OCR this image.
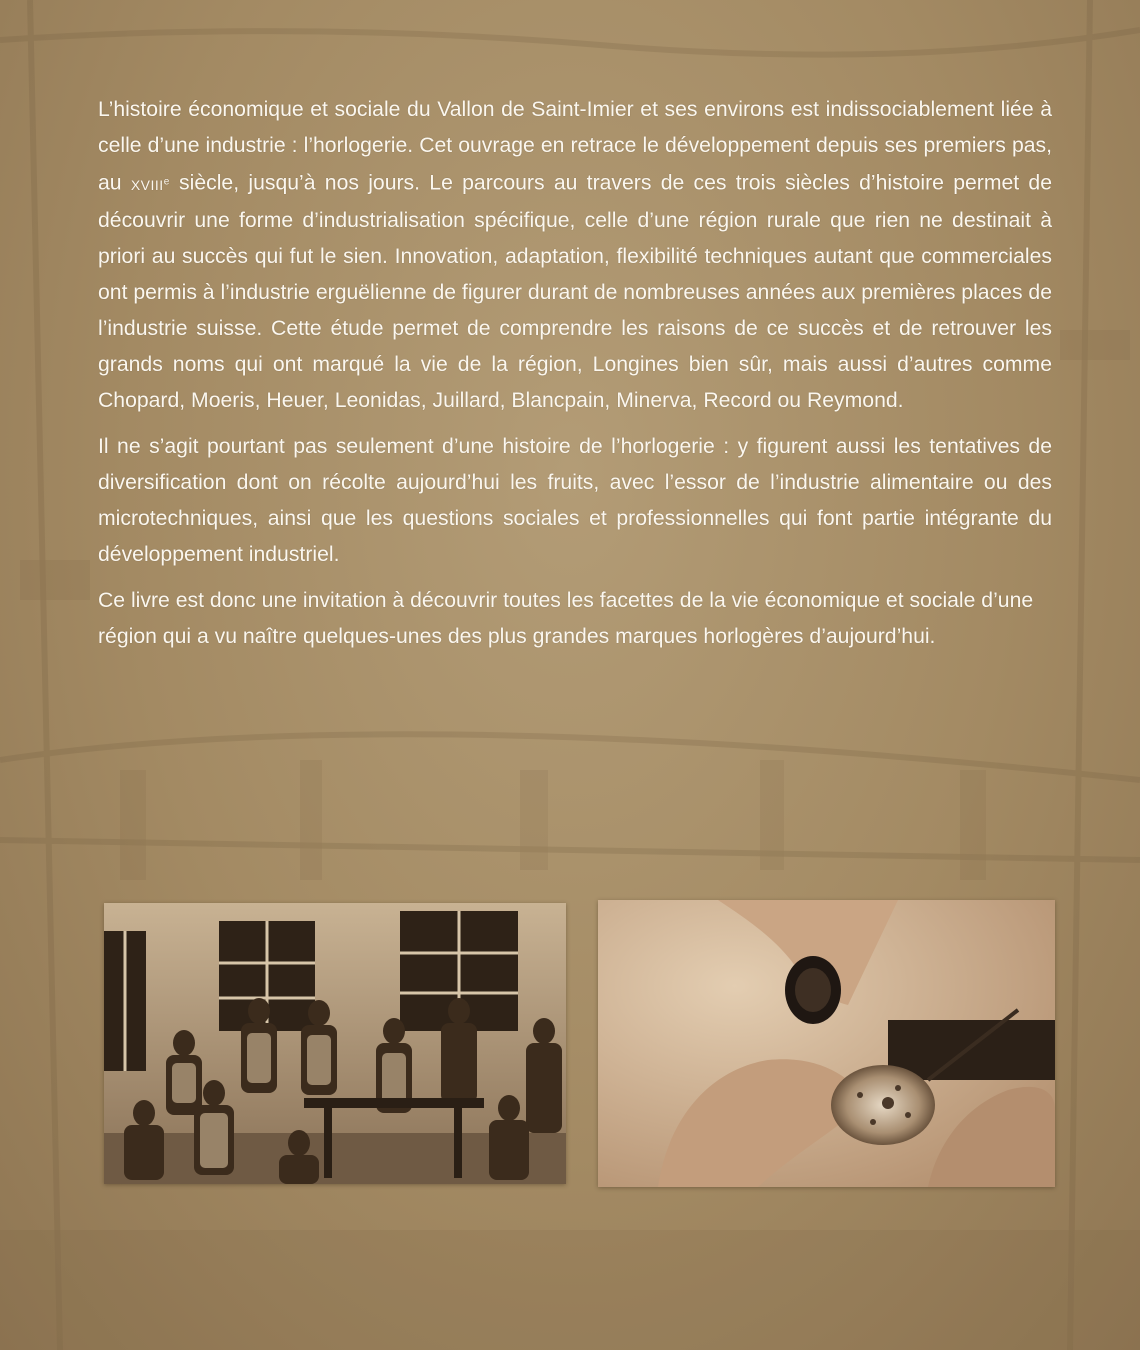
L’histoire économique et sociale du Vallon de Saint-Imier et ses environs est indissociablement liée à celle d’une industrie : l’horlogerie. Cet ouvrage en retrace le développement depuis ses premiers pas, au XVIIIe siècle, jusqu’à nos jours. Le parcours au travers de ces trois siècles d’histoire permet de découvrir une forme d’industrialisation spécifique, celle d’une région rurale que rien ne destinait à priori au succès qui fut le sien. Innovation, adaptation, flexibilité techniques autant que commerciales ont permis à l’industrie erguëlienne de figurer durant de nombreuses années aux premières places de l’industrie suisse. Cette étude permet de comprendre les raisons de ce succès et de retrouver les grands noms qui ont marqué la vie de la région, Longines bien sûr, mais aussi d’autres comme Chopard, Moeris, Heuer, Leonidas, Juillard, Blancpain, Minerva, Record ou Reymond.

Il ne s’agit pourtant pas seulement d’une histoire de l’horlogerie : y figurent aussi les tentatives de diversification dont on récolte aujourd’hui les fruits, avec l’essor de l’industrie alimentaire ou des microtechniques, ainsi que les questions sociales et professionnelles qui font partie intégrante du développement industriel.

Ce livre est donc une invitation à découvrir toutes les facettes de la vie économique et sociale d’une région qui a vu naître quelques-unes des plus grandes marques horlogères d’aujourd’hui.
